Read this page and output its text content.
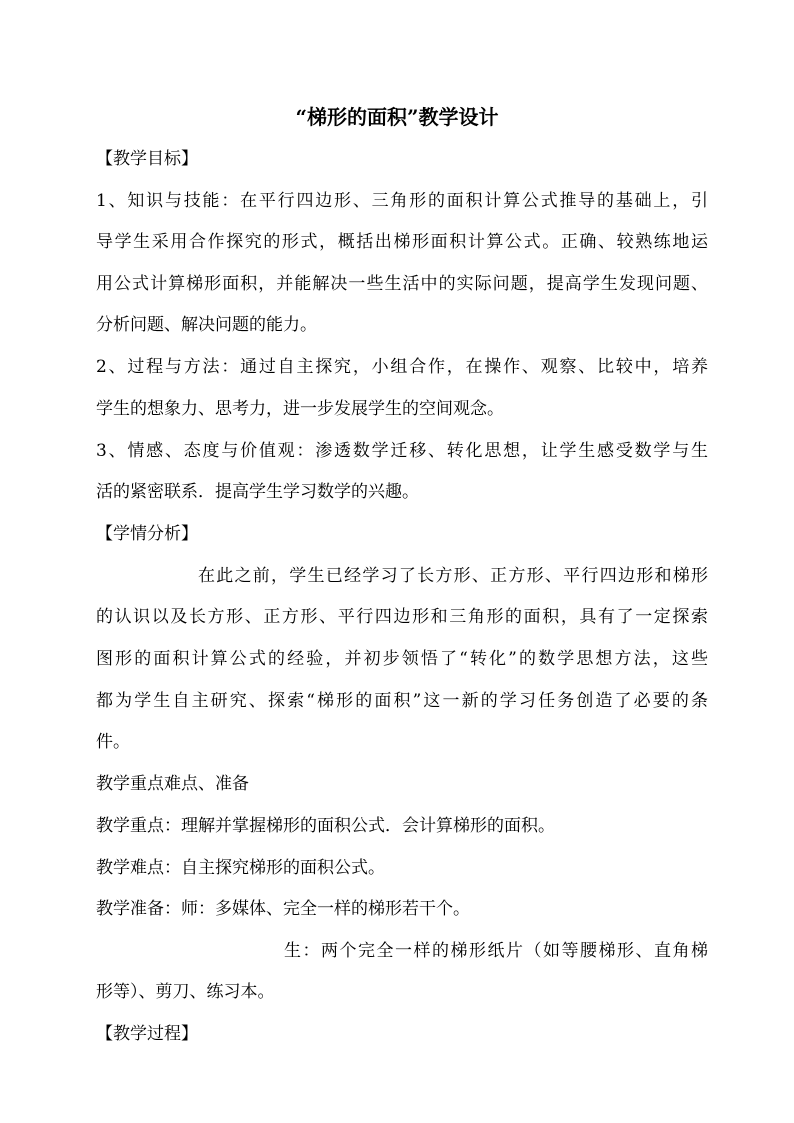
“梯形的面积”教学设计

【教学目标】

1、知识与技能：在平行四边形、三角形的面积计算公式推导的基础上，引

导学生采用合作探究的形式，概括出梯形面积计算公式。正确、较熟练地运

用公式计算梯形面积，并能解决一些生活中的实际问题，提高学生发现问题、

分析问题、解决问题的能力。

2、过程与方法：通过自主探究，小组合作，在操作、观察、比较中，培养

学生的想象力、思考力，进一步发展学生的空间观念。

3、情感、态度与价值观：渗透数学迁移、转化思想，让学生感受数学与生

活的紧密联系．提高学生学习数学的兴趣。

【学情分析】

在此之前，学生已经学习了长方形、正方形、平行四边形和梯形

的认识以及长方形、正方形、平行四边形和三角形的面积，具有了一定探索

图形的面积计算公式的经验，并初步领悟了“转化”的数学思想方法，这些

都为学生自主研究、探索“梯形的面积”这一新的学习任务创造了必要的条

件。

教学重点难点、准备

教学重点：理解并掌握梯形的面积公式．会计算梯形的面积。

教学难点：自主探究梯形的面积公式。

教学准备：师：多媒体、完全一样的梯形若干个。

生：两个完全一样的梯形纸片（如等腰梯形、直角梯

形等）、剪刀、练习本。

【教学过程】
